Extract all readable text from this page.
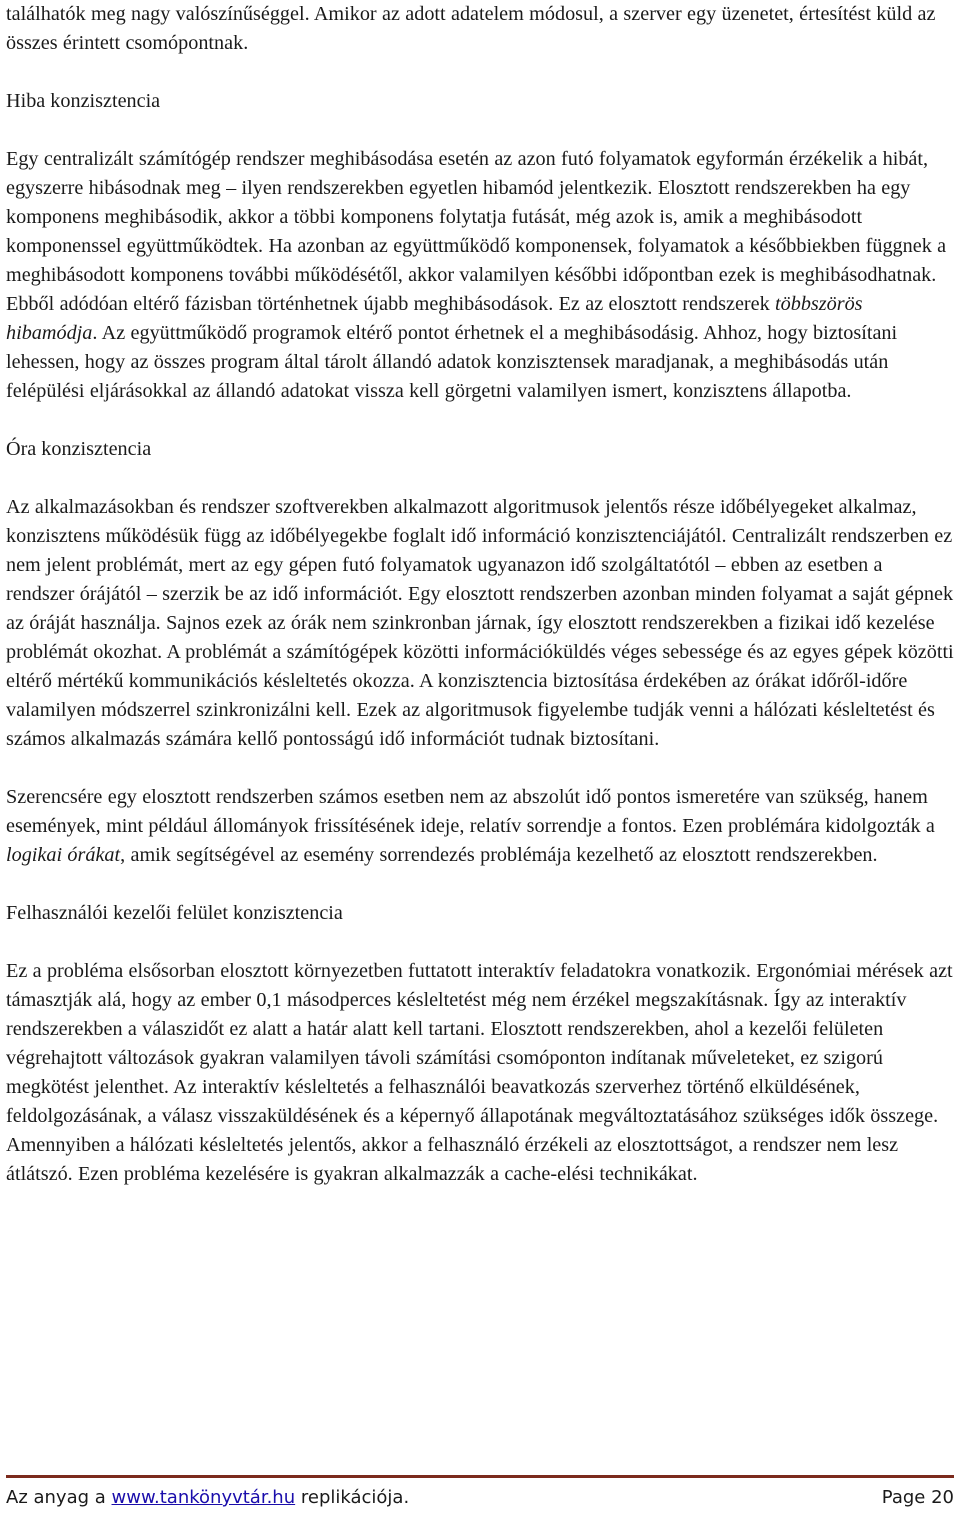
találhatók meg nagy valószínűséggel. Amikor az adott adatelem módosul, a szerver egy üzenetet, értesítést küld az összes érintett csomópontnak.

Hiba konzisztencia

Egy centralizált számítógép rendszer meghibásodása esetén az azon futó folyamatok egyformán érzékelik a hibát, egyszerre hibásodnak meg – ilyen rendszerekben egyetlen hibamód jelentkezik. Elosztott rendszerekben ha egy komponens meghibásodik, akkor a többi komponens folytatja futását, még azok is, amik a meghibásodott komponenssel együttműködtek. Ha azonban az együttműködő komponensek, folyamatok a későbbiekben függnek a meghibásodott komponens további működésétől, akkor valamilyen későbbi időpontban ezek is meghibásodhatnak. Ebből adódóan eltérő fázisban történhetnek újabb meghibásodások. Ez az elosztott rendszerek többszörös hibamódja. Az együttműködő programok eltérő pontot érhetnek el a meghibásodásig. Ahhoz, hogy biztosítani lehessen, hogy az összes program által tárolt állandó adatok konzisztensek maradjanak, a meghibásodás után felépülési eljárásokkal az állandó adatokat vissza kell görgetni valamilyen ismert, konzisztens állapotba.

Óra konzisztencia

Az alkalmazásokban és rendszer szoftverekben alkalmazott algoritmusok jelentős része időbélyegeket alkalmaz, konzisztens működésük függ az időbélyegekbe foglalt idő információ konzisztenciájától. Centralizált rendszerben ez nem jelent problémát, mert az egy gépen futó folyamatok ugyanazon idő szolgáltatótól – ebben az esetben a rendszer órájától – szerzik be az idő információt. Egy elosztott rendszerben azonban minden folyamat a saját gépnek az óráját használja. Sajnos ezek az órák nem szinkronban járnak, így elosztott rendszerekben a fizikai idő kezelése problémát okozhat. A problémát a számítógépek közötti információküldés véges sebessége és az egyes gépek közötti eltérő mértékű kommunikációs késleltetés okozza. A konzisztencia biztosítása érdekében az órákat időről-időre valamilyen módszerrel szinkronizálni kell. Ezek az algoritmusok figyelembe tudják venni a hálózati késleltetést és számos alkalmazás számára kellő pontosságú idő információt tudnak biztosítani.

Szerencsére egy elosztott rendszerben számos esetben nem az abszolút idő pontos ismeretére van szükség, hanem események, mint például állományok frissítésének ideje, relatív sorrendje a fontos. Ezen problémára kidolgozták a logikai órákat, amik segítségével az esemény sorrendezés problémája kezelhető az elosztott rendszerekben.

Felhasználói kezelői felület konzisztencia

Ez a probléma elsősorban elosztott környezetben futtatott interaktív feladatokra vonatkozik. Ergonómiai mérések azt támasztják alá, hogy az ember 0,1 másodperces késleltetést még nem érzékel megszakításnak. Így az interaktív rendszerekben a válaszidőt ez alatt a határ alatt kell tartani. Elosztott rendszerekben, ahol a kezelői felületen végrehajtott változások gyakran valamilyen távoli számítási csomóponton indítanak műveleteket, ez szigorú megkötést jelenthet. Az interaktív késleltetés a felhasználói beavatkozás szerverhez történő elküldésének, feldolgozásának, a válasz visszaküldésének és a képernyő állapotának megváltoztatásához szükséges idők összege. Amennyiben a hálózati késleltetés jelentős, akkor a felhasználó érzékeli az elosztottságot, a rendszer nem lesz átlátszó. Ezen probléma kezelésére is gyakran alkalmazzák a cache-elési technikákat.

Az anyag a www.tankönyvtár.hu replikációja.	Page 20
